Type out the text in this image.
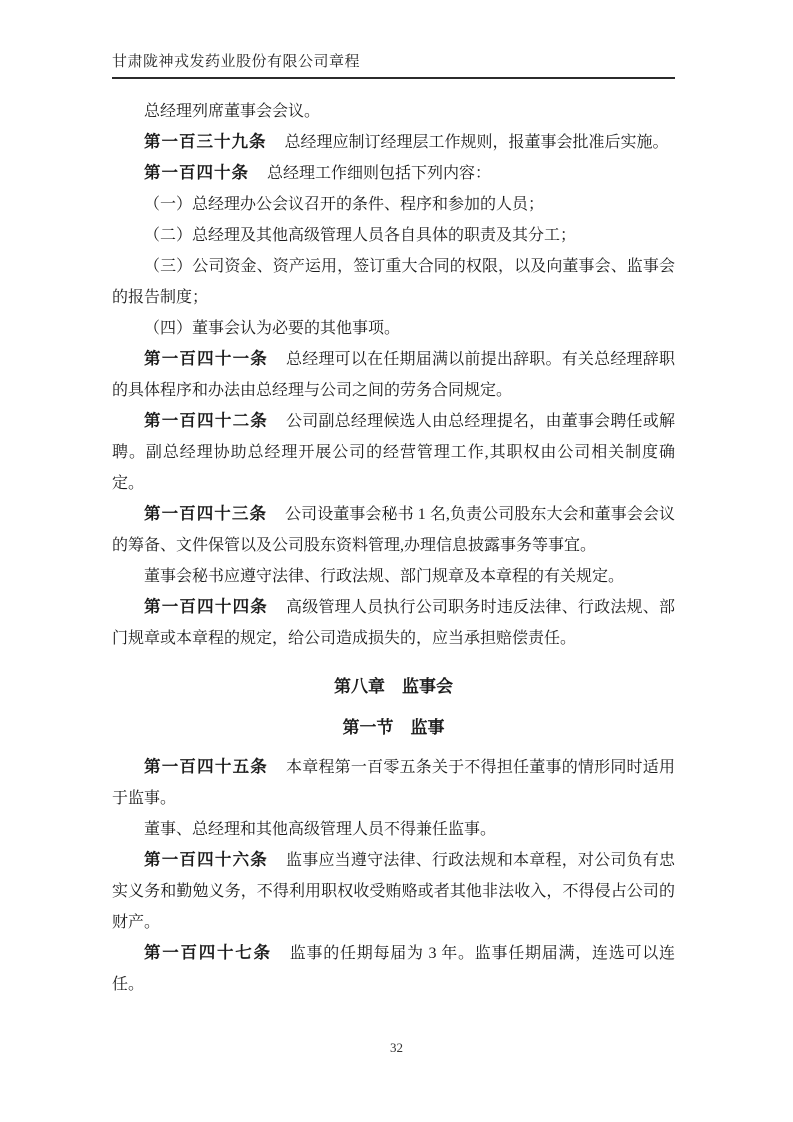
甘肃陇神戎发药业股份有限公司章程

总经理列席董事会会议。

第一百三十九条 总经理应制订经理层工作规则，报董事会批准后实施。

第一百四十条 总经理工作细则包括下列内容：

（一）总经理办公会议召开的条件、程序和参加的人员；

（二）总经理及其他高级管理人员各自具体的职责及其分工；

（三）公司资金、资产运用，签订重大合同的权限，以及向董事会、监事会的报告制度；

（四）董事会认为必要的其他事项。

第一百四十一条 总经理可以在任期届满以前提出辞职。有关总经理辞职的具体程序和办法由总经理与公司之间的劳务合同规定。

第一百四十二条 公司副总经理候选人由总经理提名，由董事会聘任或解聘。副总经理协助总经理开展公司的经营管理工作,其职权由公司相关制度确定。

第一百四十三条 公司设董事会秘书 1 名,负责公司股东大会和董事会会议的筹备、文件保管以及公司股东资料管理,办理信息披露事务等事宜。

董事会秘书应遵守法律、行政法规、部门规章及本章程的有关规定。

第一百四十四条 高级管理人员执行公司职务时违反法律、行政法规、部门规章或本章程的规定，给公司造成损失的，应当承担赔偿责任。

第八章　监事会
第一节　监事

第一百四十五条 本章程第一百零五条关于不得担任董事的情形同时适用于监事。

董事、总经理和其他高级管理人员不得兼任监事。

第一百四十六条 监事应当遵守法律、行政法规和本章程，对公司负有忠实义务和勤勉义务，不得利用职权收受贿赂或者其他非法收入，不得侵占公司的财产。

第一百四十七条 监事的任期每届为 3 年。监事任期届满，连选可以连任。

32
